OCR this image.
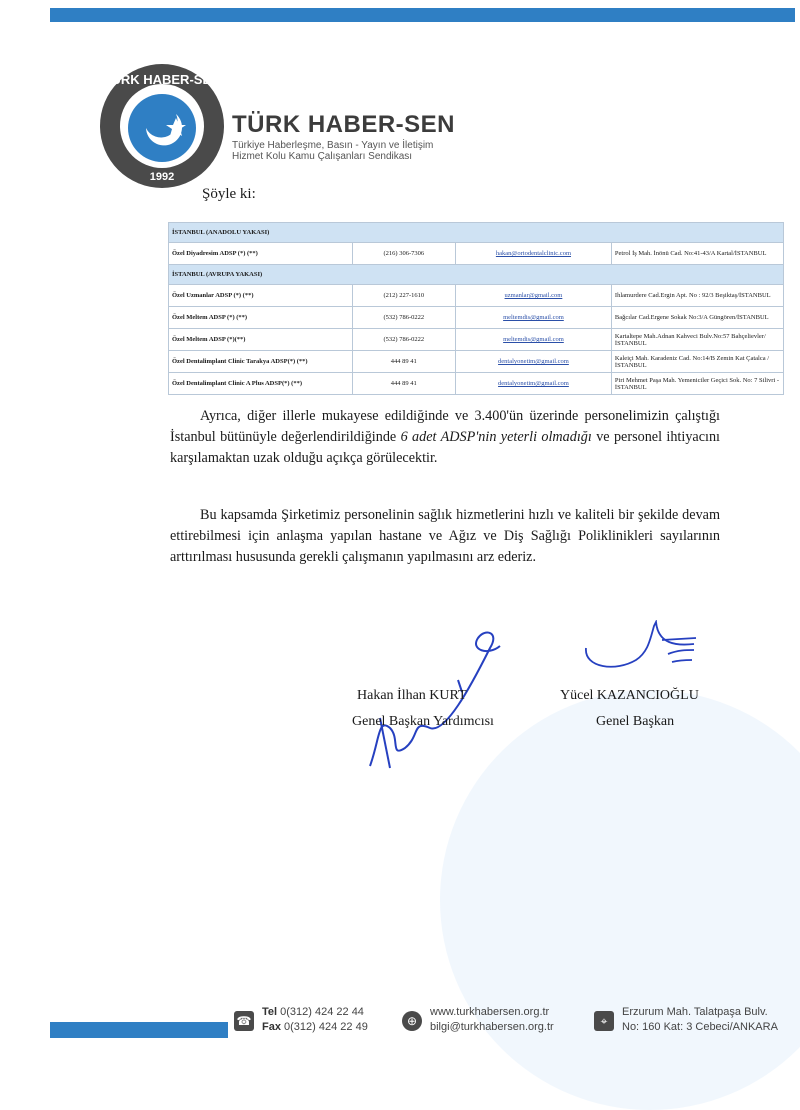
TÜRK HABER-SEN
1992
TÜRK HABER-SEN
Türkiye Haberleşme, Basın - Yayın ve İletişim
Hizmet Kolu Kamu Çalışanları Sendikası
Şöyle ki:
İSTANBUL (ANADOLU YAKASI)			
Özel Diyadresim ADSP (*) (**)	(216) 306-7306	hakan@ortodentalclinic.com	Petrol İş Mah. İnönü Cad. No:41-43/A Kartal/İSTANBUL
İSTANBUL (AVRUPA YAKASI)			
Özel Uzmanlar ADSP (*) (**)	(212) 227-1610	uzmanlar@gmail.com	Ihlamurdere Cad.Ergin Apt. No : 92/3 Beşiktaş/İSTANBUL
Özel Meltem ADSP (*) (**)	(532) 786-0222	meltemdis@gmail.com	Bağcılar Cad.Ergene Sokak No:3/A Güngören/İSTANBUL
Özel Meltem ADSP (*)(**)	(532) 786-0222	meltemdis@gmail.com	Kartaltepe Mah.Adnan Kahveci Bulv.No:57 Bahçelievler/İSTANBUL
Özel Dentalimplant Clinic Tarakya ADSP(*) (**)	444 89 41	dentalyonetim@gmail.com	Kaleiçi Mah. Karadeniz Cad. No:14/B Zemin Kat Çatalca / İSTANBUL
Özel Dentalimplant Clinic A Plus ADSP(*) (**)	444 89 41	dentalyonetim@gmail.com	Piri Mehmet Paşa Mah. Yemeniciler Geçici Sok. No: 7 Silivri - İSTANBUL
Ayrıca, diğer illerle mukayese edildiğinde ve 3.400'ün üzerinde personelimizin çalıştığı İstanbul bütünüyle değerlendirildiğinde 6 adet ADSP'nin yeterli olmadığı ve personel ihtiyacını karşılamaktan uzak olduğu açıkça görülecektir.
Bu kapsamda Şirketimiz personelinin sağlık hizmetlerini hızlı ve kaliteli bir şekilde devam ettirebilmesi için anlaşma yapılan hastane ve Ağız ve Diş Sağlığı Poliklinikleri sayılarının arttırılması hususunda gerekli çalışmanın yapılmasını arz ederiz.
Hakan İlhan KURT
Genel Başkan Yardımcısı
Yücel KAZANCIOĞLU
Genel Başkan
☎
Tel 0(312) 424 22 44
Fax 0(312) 424 22 49	⊕
www.turkhabersen.org.tr
bilgi@turkhabersen.org.tr	⌖
Erzurum Mah. Talatpaşa Bulv.
No: 160 Kat: 3 Cebeci/ANKARA
